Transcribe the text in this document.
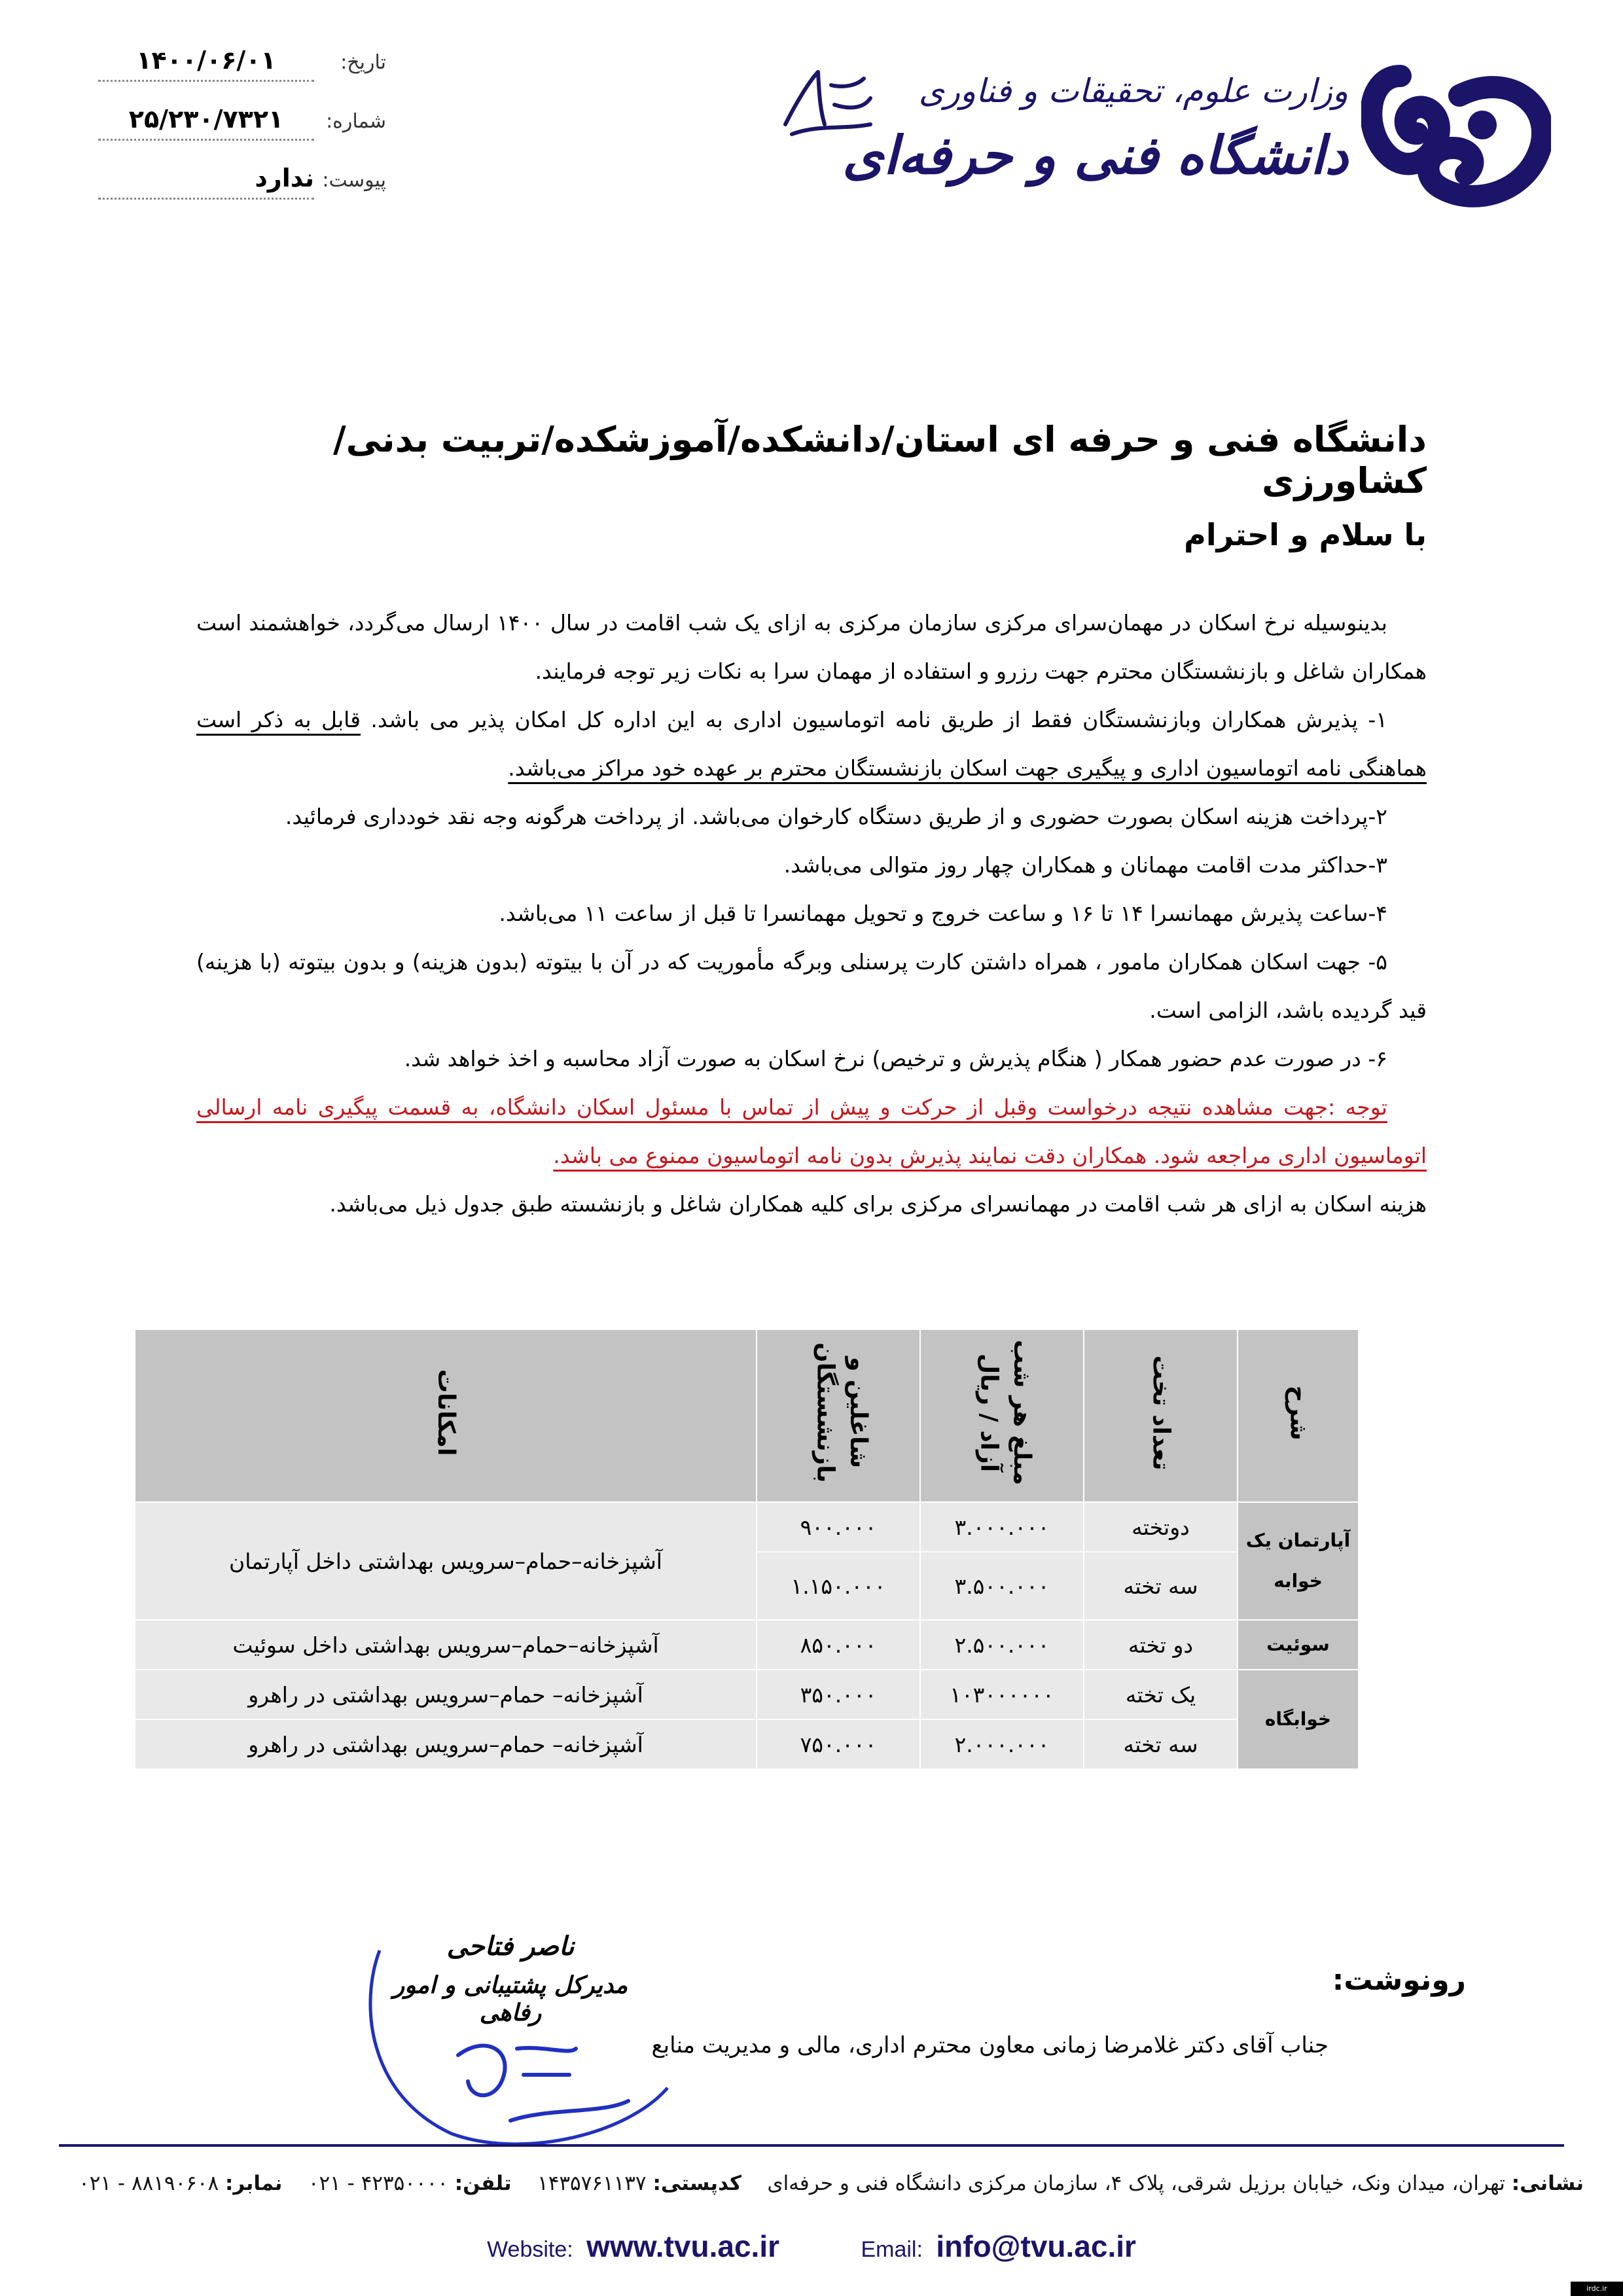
وزارت علوم، تحقیقات و فناوری
دانشگاه فنی و حرفه‌ای
تاریخ:
۱۴۰۰/۰۶/۰۱
شماره:
۲۵/۲۳۰/۷۳۲۱
پیوست:
ندارد
دانشگاه فنی و حرفه ای استان/دانشکده/آموزشکده/تربیت بدنی/کشاورزی
با سلام و احترام

بدینوسیله نرخ اسکان در مهمان‌سرای مرکزی سازمان مرکزی به ازای یک شب اقامت در سال ۱۴۰۰ ارسال می‌گردد، خواهشمند است همکاران شاغل و بازنشستگان محترم جهت رزرو و استفاده از مهمان سرا به نکات زیر توجه فرمایند.

۱- پذیرش همکاران وبازنشستگان فقط از طریق نامه اتوماسیون اداری به این اداره کل امکان پذیر می باشد. قابل به ذکر است هماهنگی نامه اتوماسیون اداری و پیگیری جهت اسکان بازنشستگان محترم بر عهده خود مراکز می‌باشد.

۲-پرداخت هزینه اسکان بصورت حضوری و از طریق دستگاه کارخوان می‌باشد. از پرداخت هرگونه وجه نقد خودداری فرمائید.

۳-حداکثر مدت اقامت مهمانان و همکاران چهار روز متوالی می‌باشد.

۴-ساعت پذیرش مهمانسرا ۱۴ تا ۱۶ و ساعت خروج و تحویل مهمانسرا تا قبل از ساعت ۱۱ می‌باشد.

۵- جهت اسکان همکاران مامور ، همراه داشتن کارت پرسنلی وبرگه مأموریت که در آن با بیتوته (بدون هزینه) و بدون بیتوته (با هزینه) قید گردیده باشد، الزامی است.

۶- در صورت عدم حضور همکار ( هنگام پذیرش و ترخیص) نرخ اسکان به صورت آزاد محاسبه و اخذ خواهد شد.

توجه :جهت مشاهده نتیجه درخواست وقبل از حرکت و پیش از تماس با مسئول اسکان دانشگاه، به قسمت پیگیری نامه ارسالی اتوماسیون اداری مراجعه شود. همکاران دقت نمایند پذیرش بدون نامه اتوماسیون ممنوع می باشد.

هزینه اسکان به ازای هر شب اقامت در مهمانسرای مرکزی برای کلیه همکاران شاغل و بازنشسته طبق جدول ذیل می‌باشد.

شرح	تعداد تخت	مبلغ هر شب آزاد / ریال	شاغلین و بازنشستگان	امکانات
آپارتمان یک خوابه	دوتخته	۳.۰۰۰.۰۰۰	۹۰۰.۰۰۰	آشپزخانه–حمام–سرویس بهداشتی داخل آپارتمان
	سه تخته	۳.۵۰۰.۰۰۰	۱.۱۵۰.۰۰۰	
سوئیت	دو تخته	۲.۵۰۰.۰۰۰	۸۵۰.۰۰۰	آشپزخانه–حمام–سرویس بهداشتی داخل سوئیت
خوابگاه	یک تخته	۱۰۳۰۰۰۰۰۰	۳۵۰.۰۰۰	آشپزخانه– حمام–سرویس بهداشتی در راهرو
	سه تخته	۲.۰۰۰.۰۰۰	۷۵۰.۰۰۰	آشپزخانه– حمام–سرویس بهداشتی در راهرو
ناصر فتاحی
مدیرکل پشتیبانی و امور رفاهی
رونوشت:
جناب آقای دکتر غلامرضا زمانی معاون محترم اداری، مالی و مدیریت منابع
نشانی: تهران، میدان ونک، خیابان برزیل شرقی، پلاک ۴، سازمان مرکزی دانشگاه فنی و حرفه‌ای    کدپستی: ۱۴۳۵۷۶۱۱۳۷    تلفن: ۴۲۳۵۰۰۰۰ - ۰۲۱    نمابر: ۸۸۱۹۰۶۰۸ - ۰۲۱
Website: www.tvu.ac.ir	Email: info@tvu.ac.ir
irdc.ir
